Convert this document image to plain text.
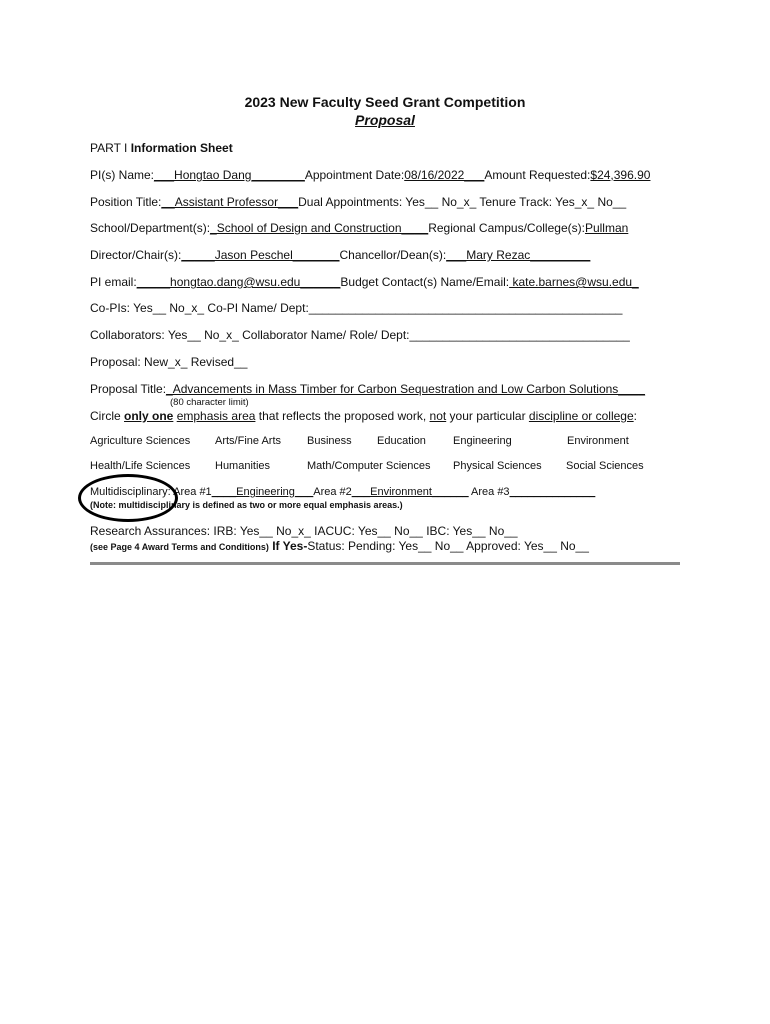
2023 New Faculty Seed Grant Competition
Proposal
PART I Information Sheet
PI(s) Name:___Hongtao Dang________Appointment Date:08/16/2022___Amount Requested:$24,396.90
Position Title:__Assistant Professor___Dual Appointments: Yes__ No_x_ Tenure Track: Yes_x_ No__
School/Department(s):_School of Design and Construction____Regional Campus/College(s):Pullman
Director/Chair(s):_____Jason Peschel_______Chancellor/Dean(s):___Mary Rezac_________
PI email:_____hongtao.dang@wsu.edu______Budget Contact(s) Name/Email: kate.barnes@wsu.edu_
Co-PIs: Yes__ No_x_ Co-PI Name/ Dept:_______________________________________________
Collaborators: Yes__ No_x_ Collaborator Name/ Role/ Dept:_________________________________
Proposal: New_x_ Revised__
Proposal Title:_Advancements in Mass Timber for Carbon Sequestration and Low Carbon Solutions____
(80 character limit)
Circle only one emphasis area that reflects the proposed work, not your particular discipline or college:
Agriculture Sciences Arts/Fine Arts Business Education Engineering	Environment
Health/Life Sciences Humanities	Math/Computer Sciences Physical Sciences Social Sciences
Multidisciplinary: Area #1____Engineering___Area #2___Environment______ Area #3______________
(Note: multidisciplinary is defined as two or more equal emphasis areas.)
Research Assurances: IRB: Yes__ No_x_ IACUC: Yes__ No__ IBC: Yes__ No__
(see Page 4 Award Terms and Conditions) If Yes-Status: Pending: Yes__ No__ Approved: Yes__ No__
